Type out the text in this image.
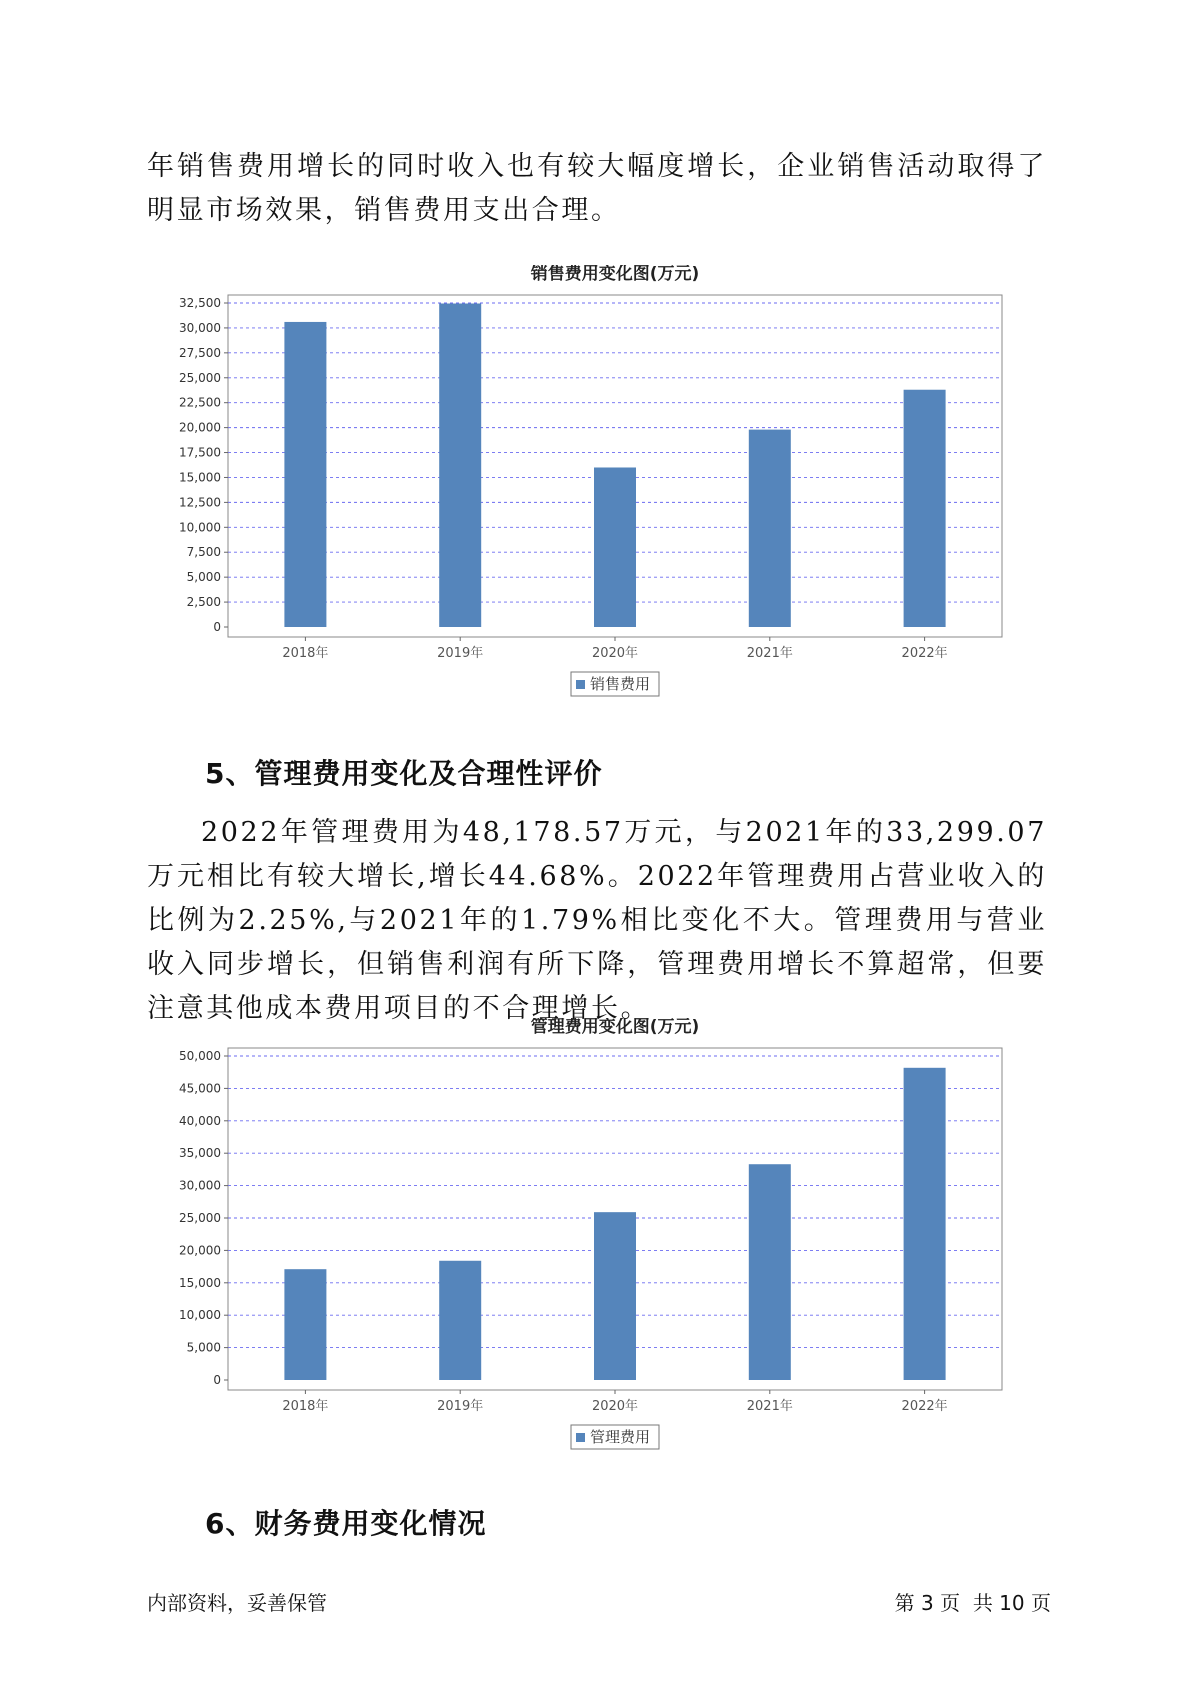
年销售费用增长的同时收入也有较大幅度增长，企业销售活动取得了明显市场效果，销售费用支出合理。

销售费用变化图(万元)
0
2,500
5,000
7,500
10,000
12,500
15,000
17,500
20,000
22,500
25,000
27,500
30,000
32,500
2018年	2019年	2020年	2021年	2022年
销售费用
5、管理费用变化及合理性评价

2022年管理费用为48,178.57万元，与2021年的33,299.07万元相比有较大增长,增长44.68%。2022年管理费用占营业收入的比例为2.25%,与2021年的1.79%相比变化不大。管理费用与营业收入同步增长，但销售利润有所下降，管理费用增长不算超常，但要注意其他成本费用项目的不合理增长。

管理费用变化图(万元)
0
5,000
10,000
15,000
20,000
25,000
30,000
35,000
40,000
45,000
50,000
2018年	2019年	2020年	2021年	2022年
管理费用
6、财务费用变化情况
内部资料，妥善保管	第 3 页  共 10 页
